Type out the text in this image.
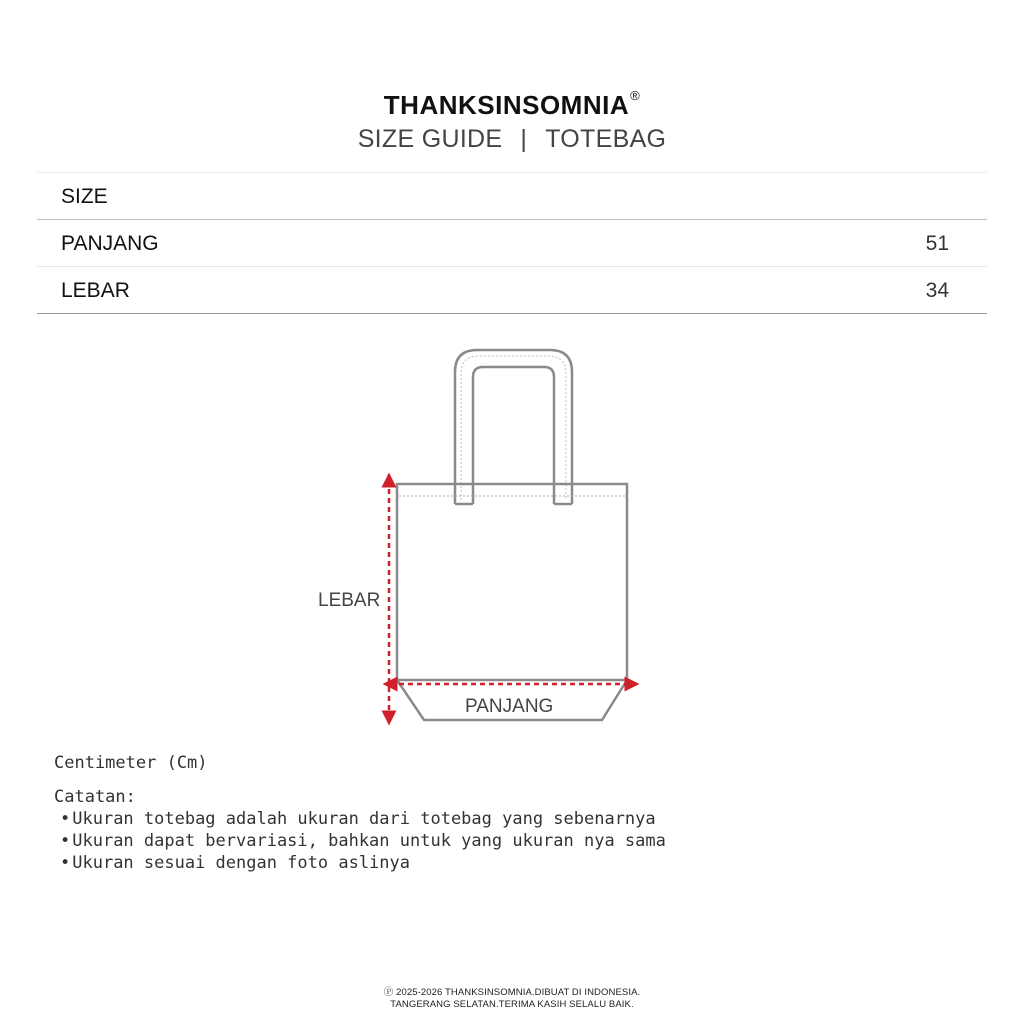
THANKSINSOMNIA®
SIZE GUIDE | TOTEBAG
SIZE
PANJANG	51
LEBAR	34
LEBAR
PANJANG
Centimeter (Cm)
Catatan:
• Ukuran totebag adalah ukuran dari totebag yang sebenarnya
• Ukuran dapat bervariasi, bahkan untuk yang ukuran nya sama
• Ukuran sesuai dengan foto aslinya
Ⓟ 2025-2026 THANKSINSOMNIA.DIBUAT DI INDONESIA.
TANGERANG SELATAN.TERIMA KASIH SELALU BAIK.
